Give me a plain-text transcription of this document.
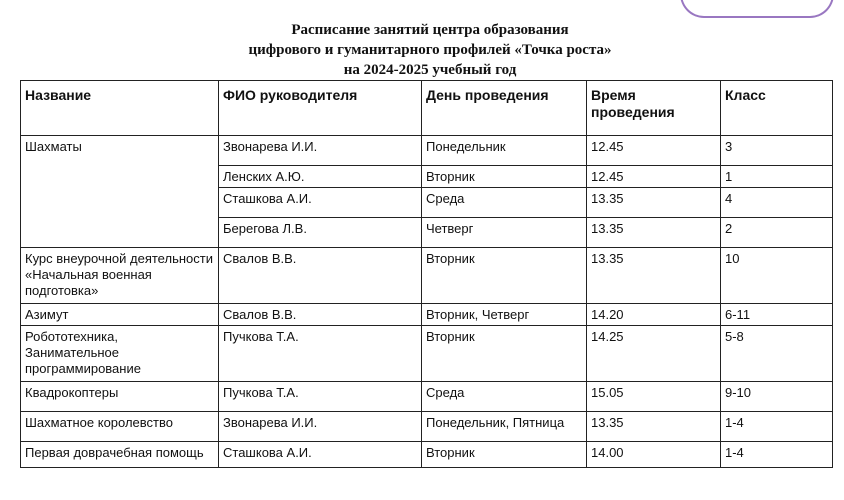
Расписание занятий центра образования
цифрового и гуманитарного профилей «Точка роста»
на 2024-2025 учебный год
Название	ФИО руководителя	День проведения	Время проведения	Класс
Шахматы	Звонарева И.И.	Понедельник	12.45	3
	Ленских А.Ю.	Вторник	12.45	1
	Сташкова А.И.	Среда	13.35	4
	Берегова Л.В.	Четверг	13.35	2
Курс внеурочной деятельности «Начальная военная подготовка»	Свалов В.В.	Вторник	13.35	10
Азимут	Свалов В.В.	Вторник, Четверг	14.20	6-11
Робототехника, Занимательное программирование	Пучкова Т.А.	Вторник	14.25	5-8
Квадрокоптеры	Пучкова Т.А.	Среда	15.05	9-10
Шахматное королевство	Звонарева И.И.	Понедельник, Пятница	13.35	1-4
Первая доврачебная помощь	Сташкова А.И.	Вторник	14.00	1-4
